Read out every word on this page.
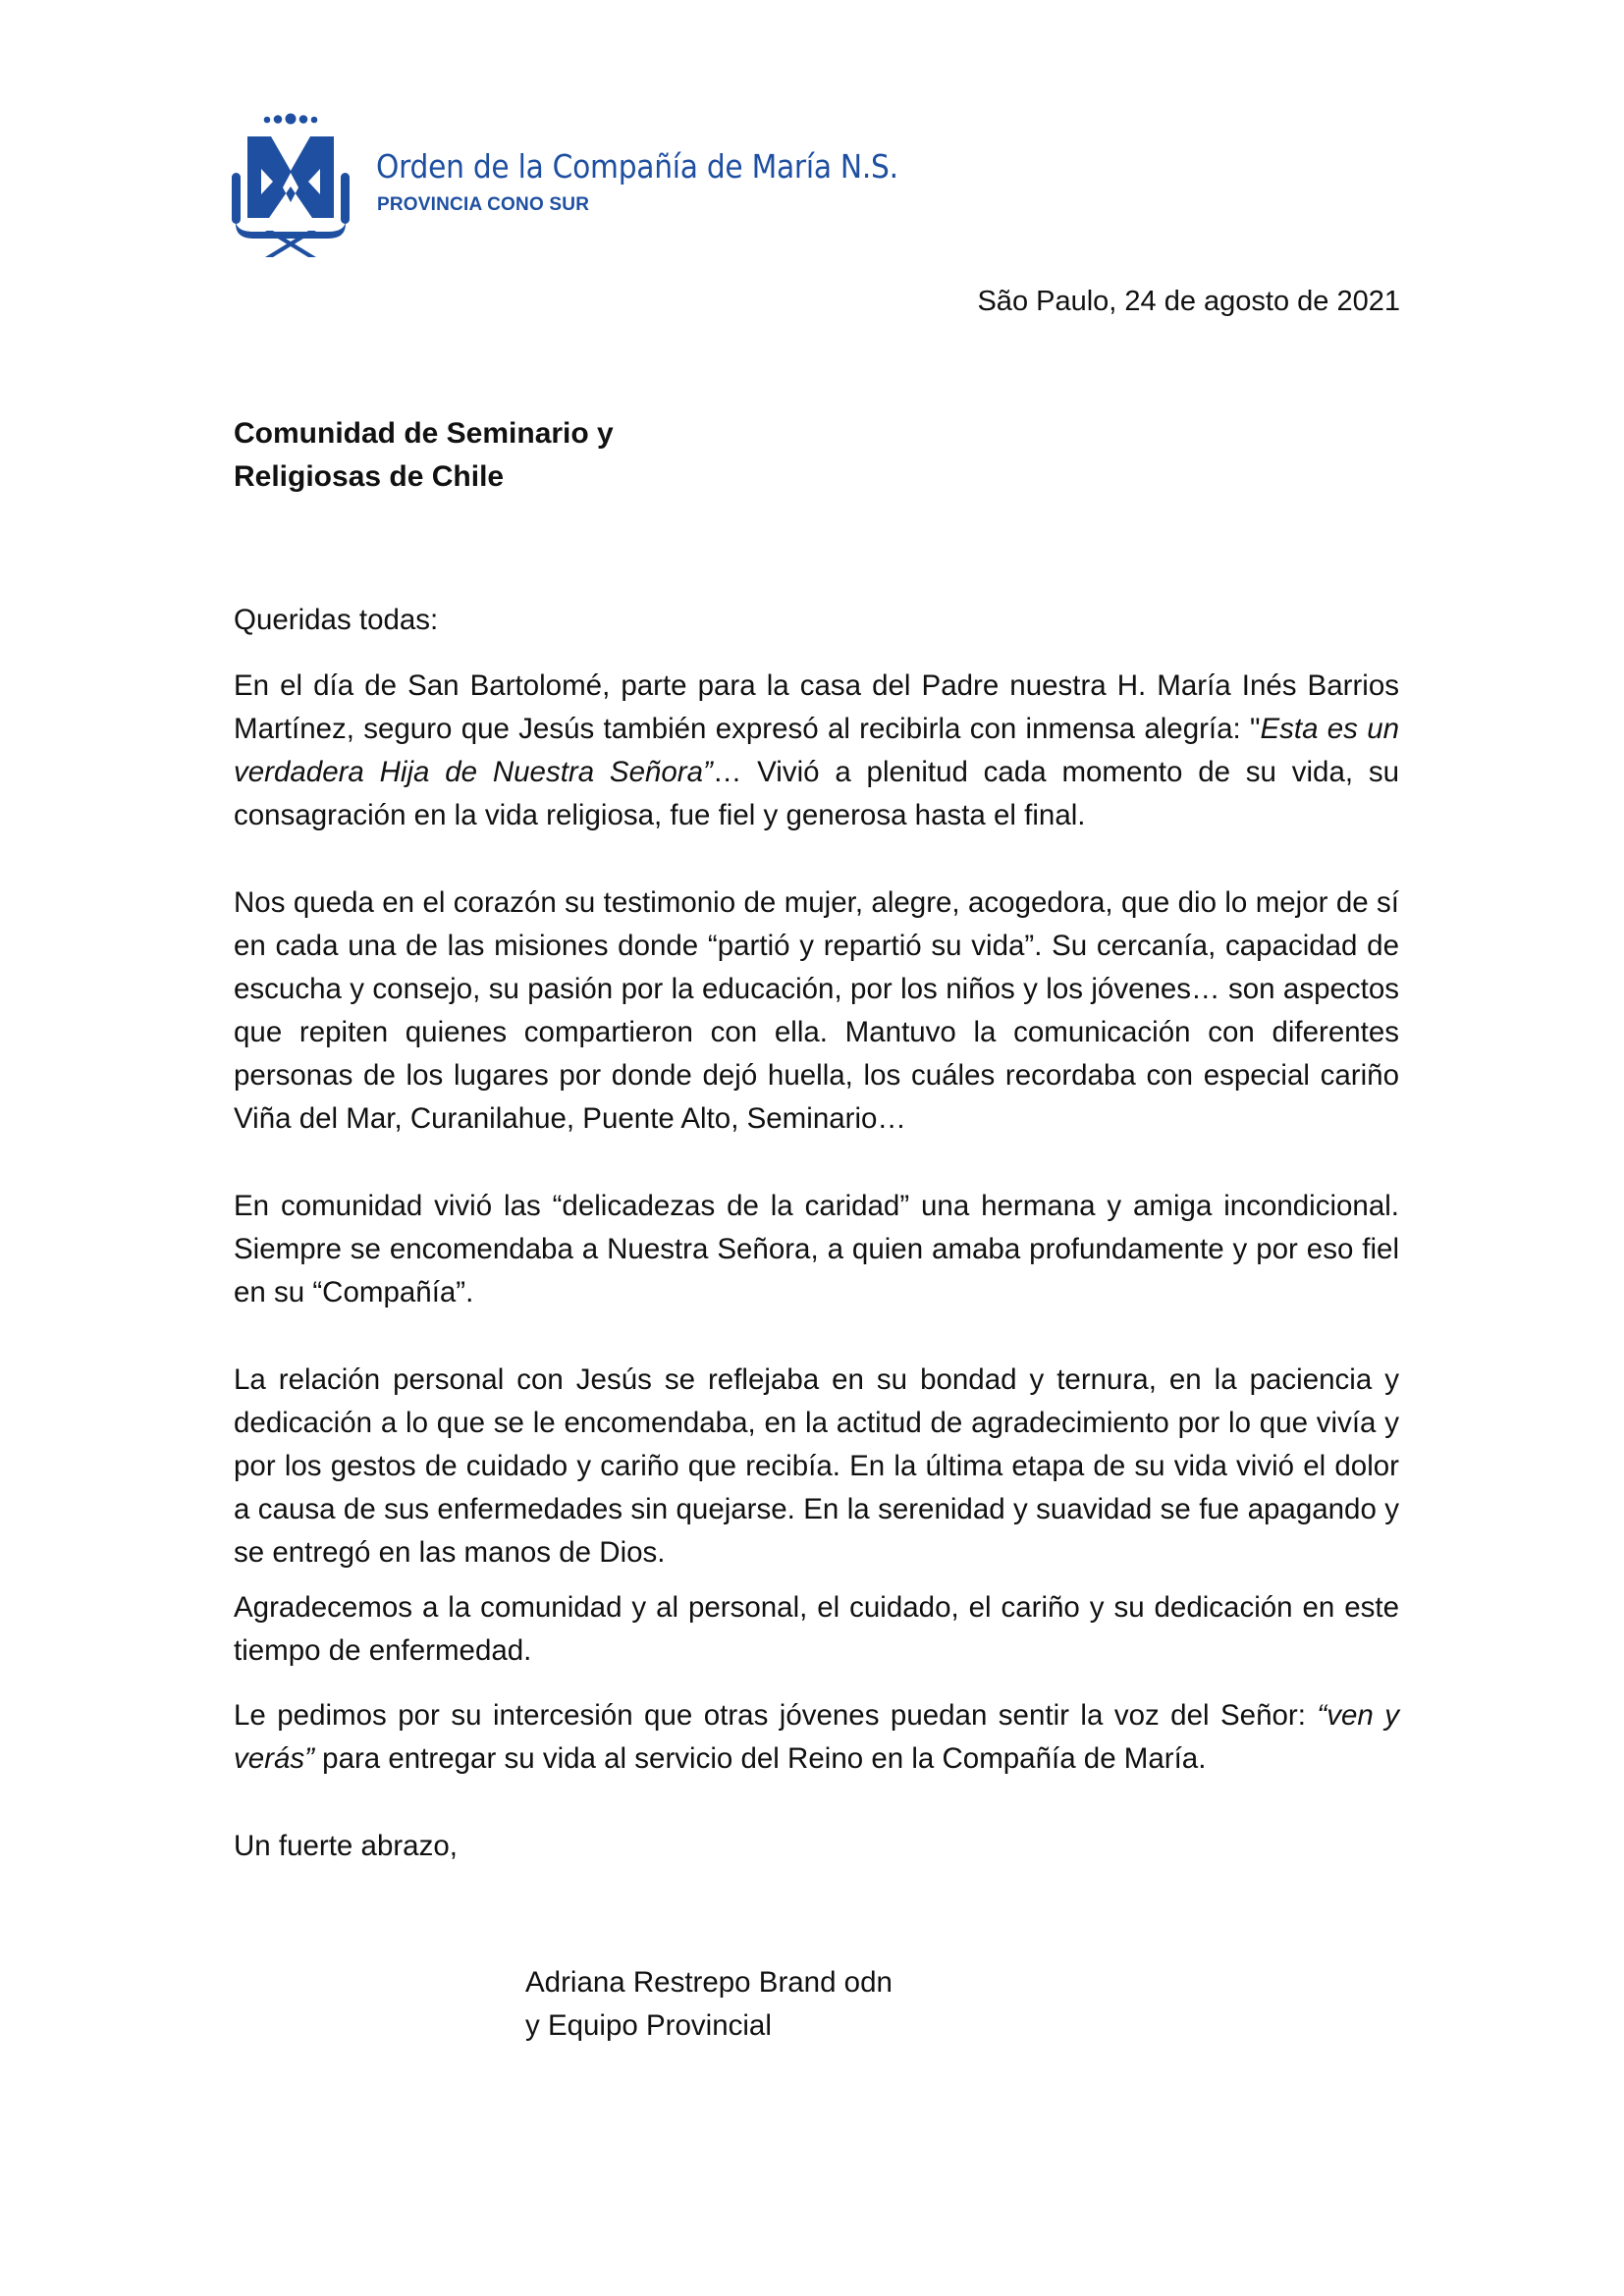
Orden de la Compañía de María N.S.
PROVINCIA CONO SUR
São Paulo, 24 de agosto de 2021
Comunidad de Seminario y
Religiosas de Chile
Queridas todas:

En el día de San Bartolomé, parte para la casa del Padre nuestra H. María Inés Barrios Martínez, seguro que Jesús también expresó al recibirla con inmensa alegría: "Esta es un verdadera Hija de Nuestra Señora”… Vivió a plenitud cada momento de su vida, su consagración en la vida religiosa, fue fiel y generosa hasta el final.

Nos queda en el corazón su testimonio de mujer, alegre, acogedora, que dio lo mejor de sí en cada una de las misiones donde “partió y repartió su vida”. Su cercanía, capacidad de escucha y consejo, su pasión por la educación, por los niños y los jóvenes… son aspectos que repiten quienes compartieron con ella. Mantuvo la comunicación con diferentes personas de los lugares por donde dejó huella, los cuáles recordaba con especial cariño Viña del Mar, Curanilahue, Puente Alto, Seminario…

En comunidad vivió las “delicadezas de la caridad” una hermana y amiga incondicional. Siempre se encomendaba a Nuestra Señora, a quien amaba profundamente y por eso fiel en su “Compañía”.

La relación personal con Jesús se reflejaba en su bondad y ternura, en la paciencia y dedicación a lo que se le encomendaba, en la actitud de agradecimiento por lo que vivía y por los gestos de cuidado y cariño que recibía. En la última etapa de su vida vivió el dolor a causa de sus enfermedades sin quejarse. En la serenidad y suavidad se fue apagando y se entregó en las manos de Dios.

Agradecemos a la comunidad y al personal, el cuidado, el cariño y su dedicación en este tiempo de enfermedad.

Le pedimos por su intercesión que otras jóvenes puedan sentir la voz del Señor: “ven y verás” para entregar su vida al servicio del Reino en la Compañía de María.

Un fuerte abrazo,
Adriana Restrepo Brand odn
y Equipo Provincial
